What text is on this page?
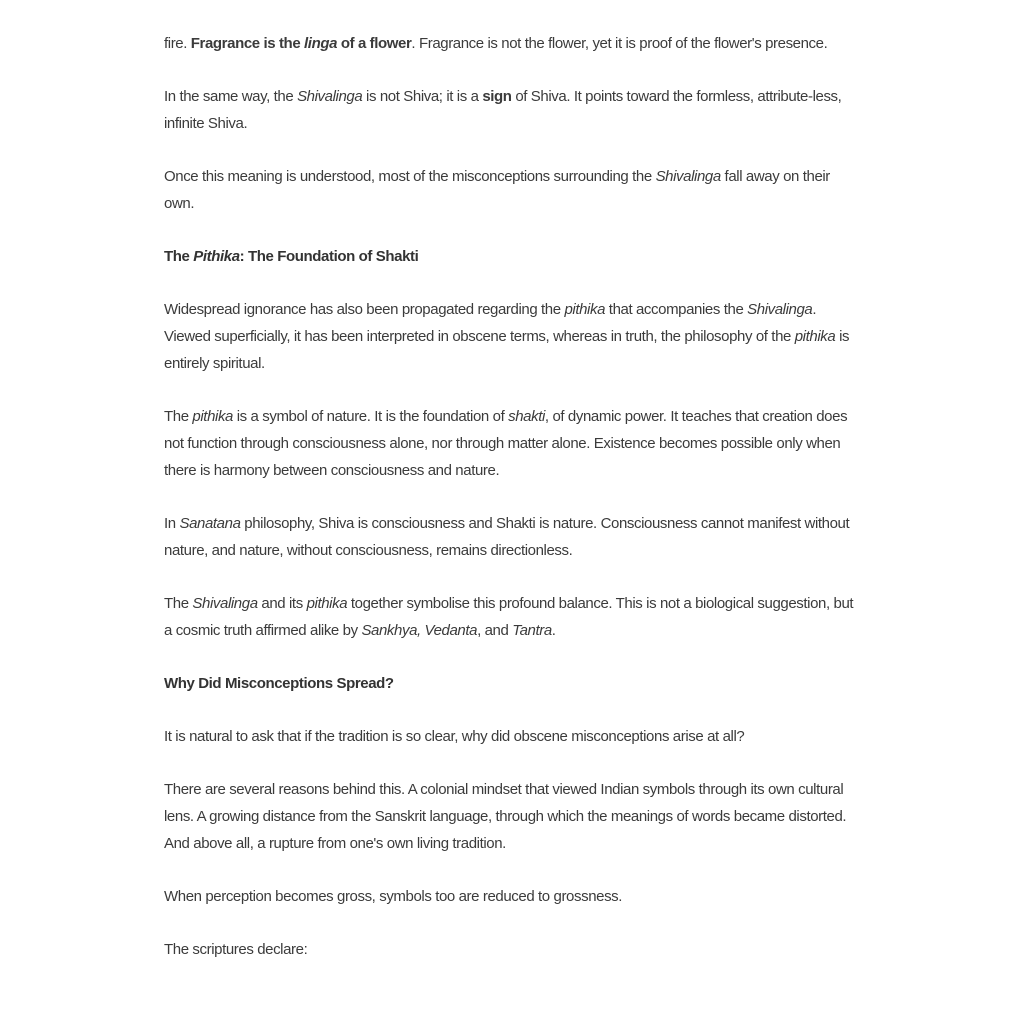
fire. Fragrance is the linga of a flower. Fragrance is not the flower, yet it is proof of the flower's presence.

In the same way, the Shivalinga is not Shiva; it is a sign of Shiva. It points toward the formless, attribute-less, infinite Shiva.

Once this meaning is understood, most of the misconceptions surrounding the Shivalinga fall away on their own.

The Pithika: The Foundation of Shakti

Widespread ignorance has also been propagated regarding the pithika that accompanies the Shivalinga. Viewed superficially, it has been interpreted in obscene terms, whereas in truth, the philosophy of the pithika is entirely spiritual.

The pithika is a symbol of nature. It is the foundation of shakti, of dynamic power. It teaches that creation does not function through consciousness alone, nor through matter alone. Existence becomes possible only when there is harmony between consciousness and nature.

In Sanatana philosophy, Shiva is consciousness and Shakti is nature. Consciousness cannot manifest without nature, and nature, without consciousness, remains directionless.

The Shivalinga and its pithika together symbolise this profound balance. This is not a biological suggestion, but a cosmic truth affirmed alike by Sankhya, Vedanta, and Tantra.

Why Did Misconceptions Spread?

It is natural to ask that if the tradition is so clear, why did obscene misconceptions arise at all?

There are several reasons behind this. A colonial mindset that viewed Indian symbols through its own cultural lens. A growing distance from the Sanskrit language, through which the meanings of words became distorted. And above all, a rupture from one's own living tradition.

When perception becomes gross, symbols too are reduced to grossness.

The scriptures declare:
